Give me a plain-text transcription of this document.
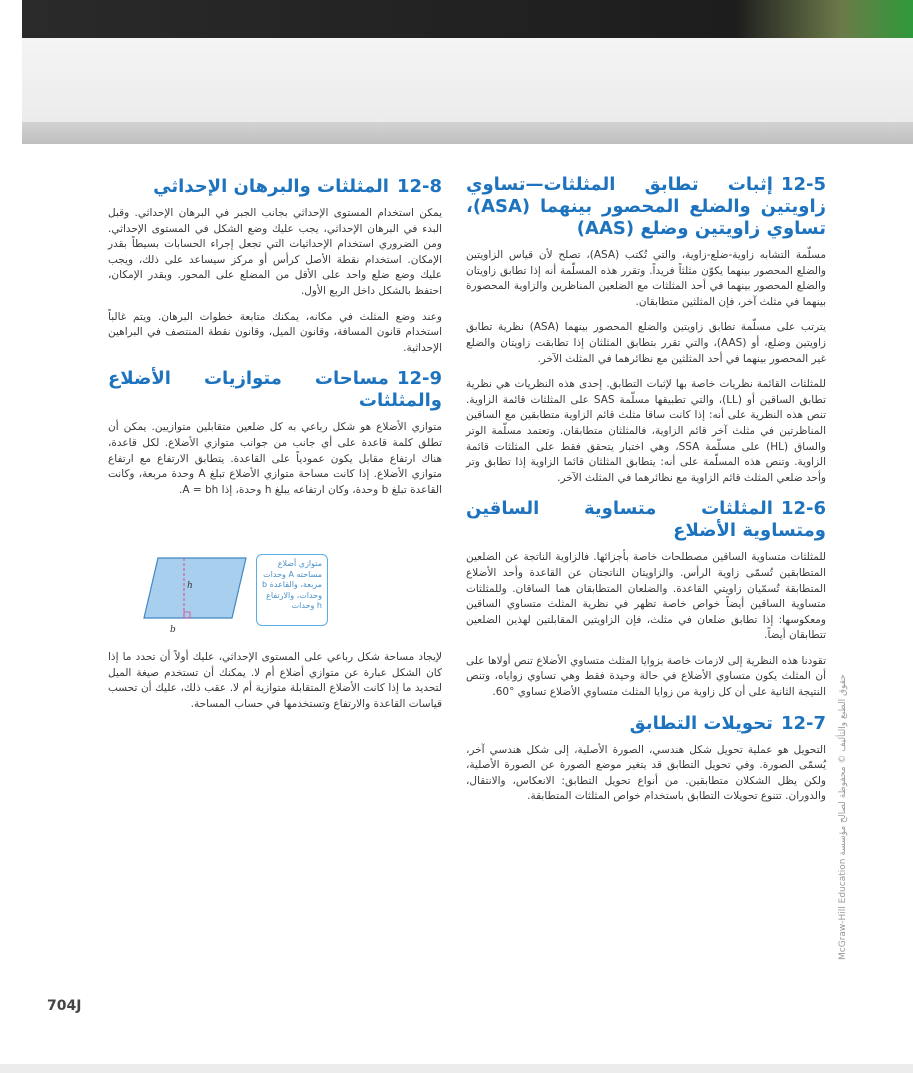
12-5إثبات تطابق المثلثات—تساوي زاويتين والضلع المحصور بينهما (ASA)، تساوي زاويتين وضلع (AAS)

مسلّمة التشابه زاوية-ضلع-زاوية، والتي تُكتب (ASA)، تصلح لأن قياس الزاويتين والضلع المحصور بينهما يكوّن مثلثاً فريداً. وتقرر هذه المسلّمة أنه إذا تطابق زاويتان والضلع المحصور بينهما في أحد المثلثات مع الضلعين المناظرين والزاوية المحصورة بينهما في مثلث آخر، فإن المثلثين متطابقان.

يترتب على مسلّمة تطابق زاويتين والضلع المحصور بينهما (ASA) نظرية تطابق زاويتين وضلع، أو (AAS)، والتي تقرر بتطابق المثلثان إذا تطابقت زاويتان والضلع غير المحصور بينهما في أحد المثلثين مع نظائرهما في المثلث الآخر.

للمثلثات القائمة نظريات خاصة بها لإثبات التطابق. إحدى هذه النظريات هي نظرية تطابق الساقين أو (LL)، والتي تطبيقها مسلّمة SAS على المثلثات قائمة الزاوية. تنص هذه النظرية على أنه: إذا كانت ساقا مثلث قائم الزاوية متطابقين مع الساقين المناظرتين في مثلث آخر قائم الزاوية، فالمثلثان متطابقان. وتعتمد مسلّمة الوتر والساق (HL) على مسلّمة SSA، وهي اختبار يتحقق فقط على المثلثات قائمة الزاوية. وتنص هذه المسلّمة على أنه: يتطابق المثلثان قائما الزاوية إذا تطابق وتر وأحد ضلعي المثلث قائم الزاوية مع نظائرهما في المثلث الآخر.

12-6المثلثات متساوية الساقين ومتساوية الأضلاع

للمثلثات متساوية الساقين مصطلحات خاصة بأجزائها. فالزاوية الناتجة عن الضلعين المتطابقين تُسمّى زاوية الرأس. والزاويتان الناتجتان عن القاعدة وأحد الأضلاع المتطابقة تُسمّيان زاويتي القاعدة. والضلعان المتطابقان هما الساقان. وللمثلثات متساوية الساقين أيضاً خواص خاصة تظهر في نظرية المثلث متساوي الساقين ومعكوسها: إذا تطابق ضلعان في مثلث، فإن الزاويتين المقابلتين لهذين الضلعين تتطابقان أيضاً.

تقودنا هذه النظرية إلى لازمات خاصة بزوايا المثلث متساوي الأضلاع تنص أولاها على أن المثلث يكون متساوي الأضلاع في حالة وحيدة فقط وهي تساوي زواياه، وتنص النتيجة الثانية على أن كل زاوية من زوايا المثلث متساوي الأضلاع تساوي °60.

12-7تحويلات التطابق

التحويل هو عملية تحويل شكل هندسي، الصورة الأصلية، إلى شكل هندسي آخر، يُسمّى الصورة. وفي تحويل التطابق قد يتغير موضع الصورة عن الصورة الأصلية، ولكن يظل الشكلان متطابقين. من أنواع تحويل التطابق: الانعكاس، والانتقال، والدوران. تتنوع تحويلات التطابق باستخدام خواص المثلثات المتطابقة.

12-8المثلثات والبرهان الإحداثي

يمكن استخدام المستوى الإحداثي بجانب الجبر في البرهان الإحداثي. وقبل البدء في البرهان الإحداثي، يجب عليك وضع الشكل في المستوى الإحداثي. ومن الضروري استخدام الإحداثيات التي تجعل إجراء الحسابات بسيطاً بقدر الإمكان. استخدام نقطة الأصل كرأس أو مركز سيساعد على ذلك، ويجب عليك وضع ضلع واحد على الأقل من المضلع على المحور. وبقدر الإمكان، احتفظ بالشكل داخل الربع الأول.

وعند وضع المثلث في مكانه، يمكنك متابعة خطوات البرهان. ويتم غالباً استخدام قانون المسافة، وقانون الميل، وقانون نقطة المنتصف في البراهين الإحداثية.

12-9مساحات متوازيات الأضلاع والمثلثات

متوازي الأضلاع هو شكل رباعي به كل ضلعين متقابلين متوازيين. يمكن أن تطلق كلمة قاعدة على أي جانب من جوانب متوازي الأضلاع. لكل قاعدة، هناك ارتفاع مقابل يكون عمودياً على القاعدة. يتطابق الارتفاع مع ارتفاع متوازي الأضلاع. إذا كانت مساحة متوازي الأضلاع تبلغ A وحدة مربعة، وكانت القاعدة تبلغ b وحدة، وكان ارتفاعه يبلغ h وحدة، إذا A = bh.

h
b
متوازي أضلاع مساحته A وحدات مربعة، والقاعدة b وحدات، والارتفاع h وحدات

لإيجاد مساحة شكل رباعي على المستوى الإحداثي، عليك أولاً أن تحدد ما إذا كان الشكل عبارة عن متوازي أضلاع أم لا. يمكنك أن تستخدم صيغة الميل لتحديد ما إذا كانت الأضلاع المتقابلة متوازية أم لا. عقب ذلك، عليك أن تحسب قياسات القاعدة والارتفاع وتستخدمها في حساب المساحة.

McGraw-Hill Education حقوق الطبع والتأليف © محفوظة لصالح مؤسسة
704J
